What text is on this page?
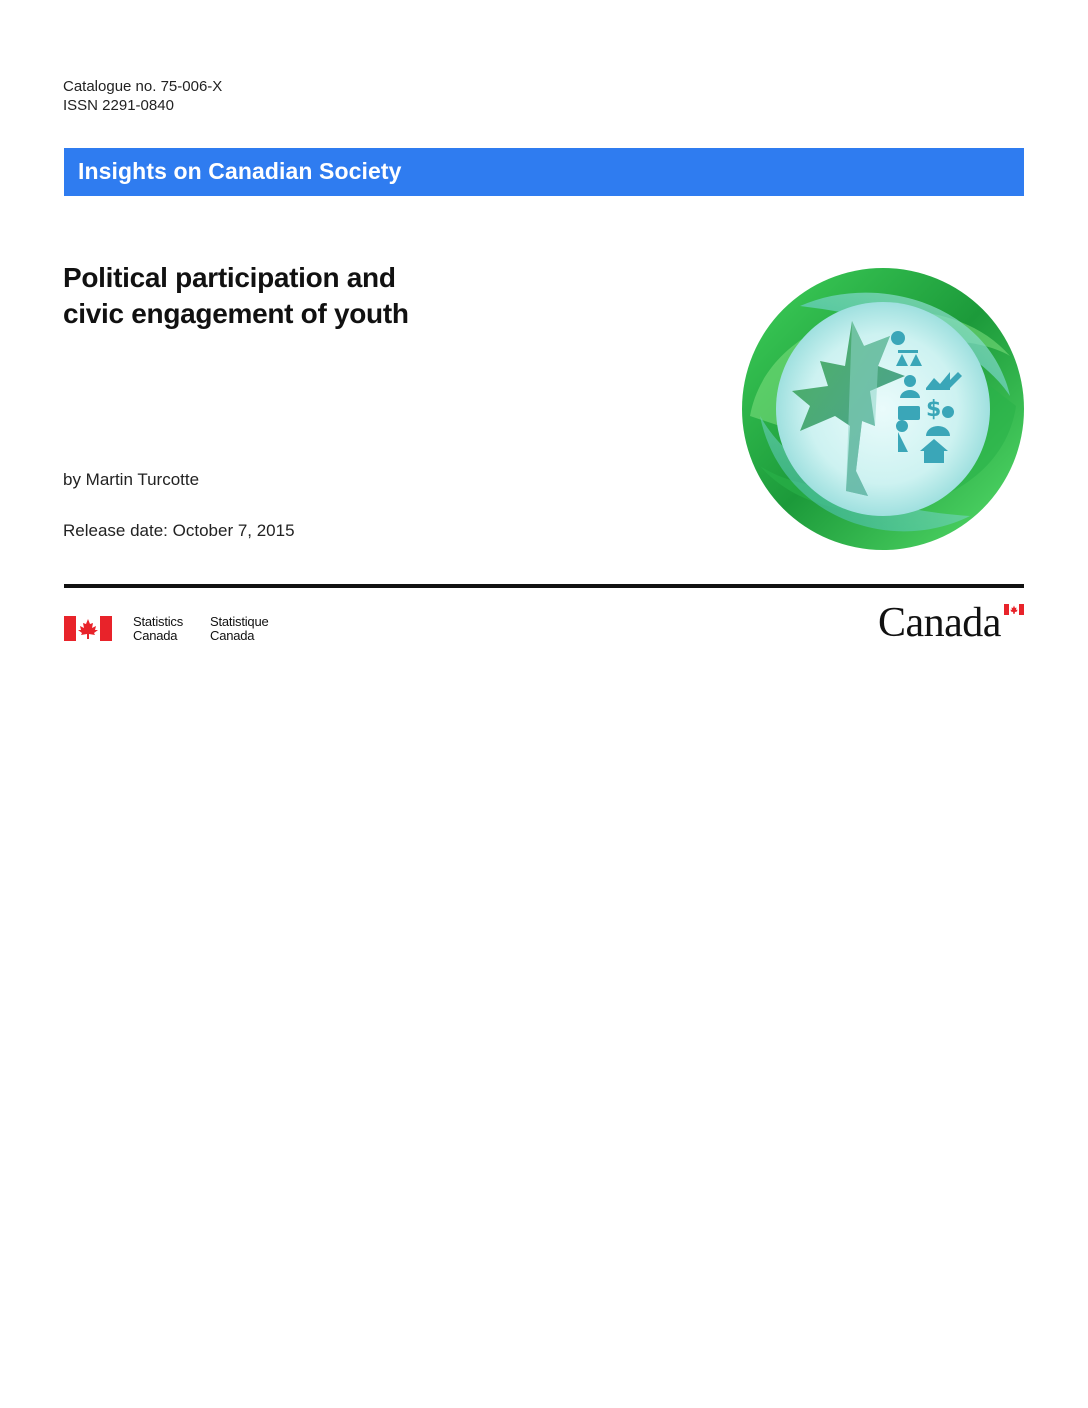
Catalogue no. 75-006-X
ISSN 2291-0840
Insights on Canadian Society
Political participation and
civic engagement of youth
by Martin Turcotte
Release date: October 7, 2015
$
Statistics
Canada
Statistique
Canada	Canada
